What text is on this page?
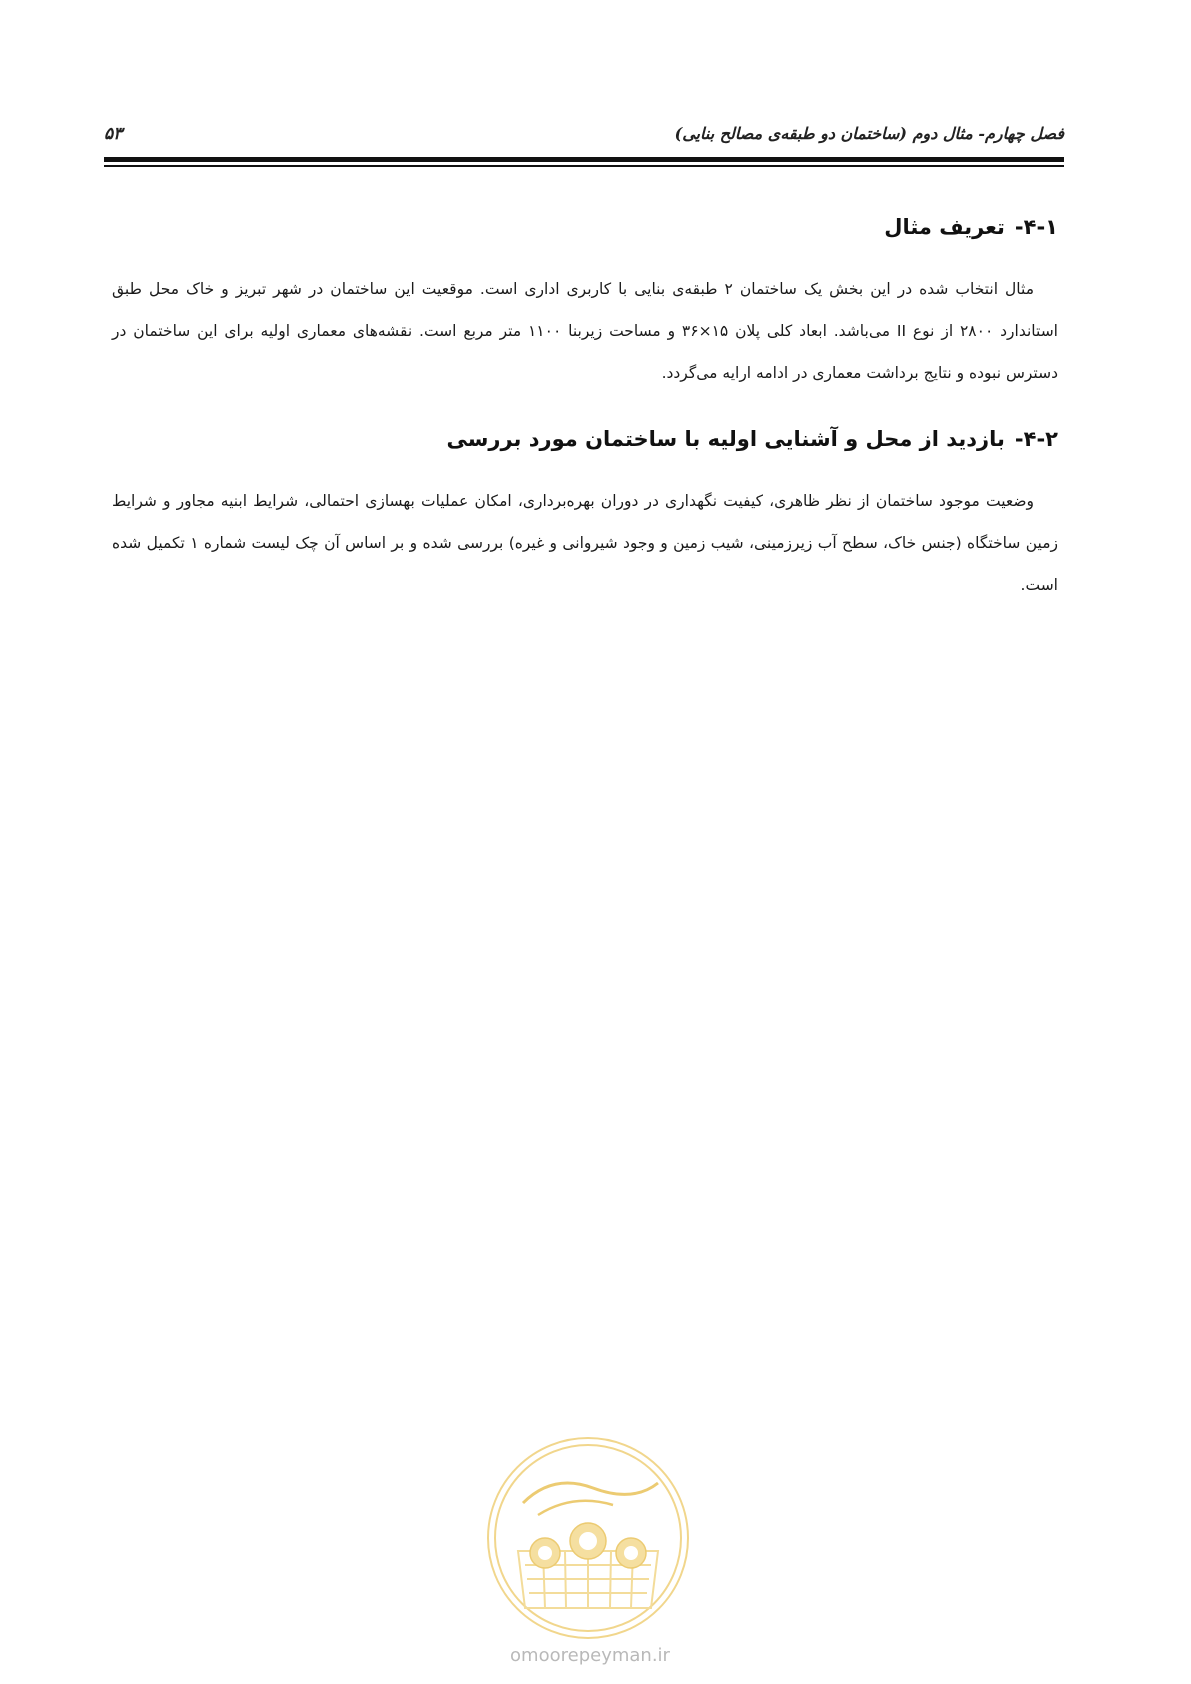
فصل چهارم- مثال دوم (ساختمان دو طبقه‌ی مصالح بنایی)
۵۳
۴-۱-تعریف مثال

مثال انتخاب شده در این بخش یک ساختمان ۲ طبقه‌ی بنایی با کاربری اداری است. موقعیت این ساختمان در شهر تبریز و خاک محل طبق استاندارد ۲۸۰۰ از نوع II می‌باشد. ابعاد کلی پلان ۱۵×۳۶ و مساحت زیربنا ۱۱۰۰ متر مربع است. نقشه‌های معماری اولیه برای این ساختمان در دسترس نبوده و نتایج برداشت معماری در ادامه ارایه می‌گردد.

۴-۲-بازدید از محل و آشنایی اولیه با ساختمان مورد بررسی

وضعیت موجود ساختمان از نظر ظاهری، کیفیت نگهداری در دوران بهره‌برداری، امکان عملیات بهسازی احتمالی، شرایط ابنیه مجاور و شرایط زمین ساختگاه (جنس خاک، سطح آب زیرزمینی، شیب زمین و وجود شیروانی و غیره) بررسی شده و بر اساس آن چک لیست شماره ۱ تکمیل شده است.

omoorepeyman.ir
